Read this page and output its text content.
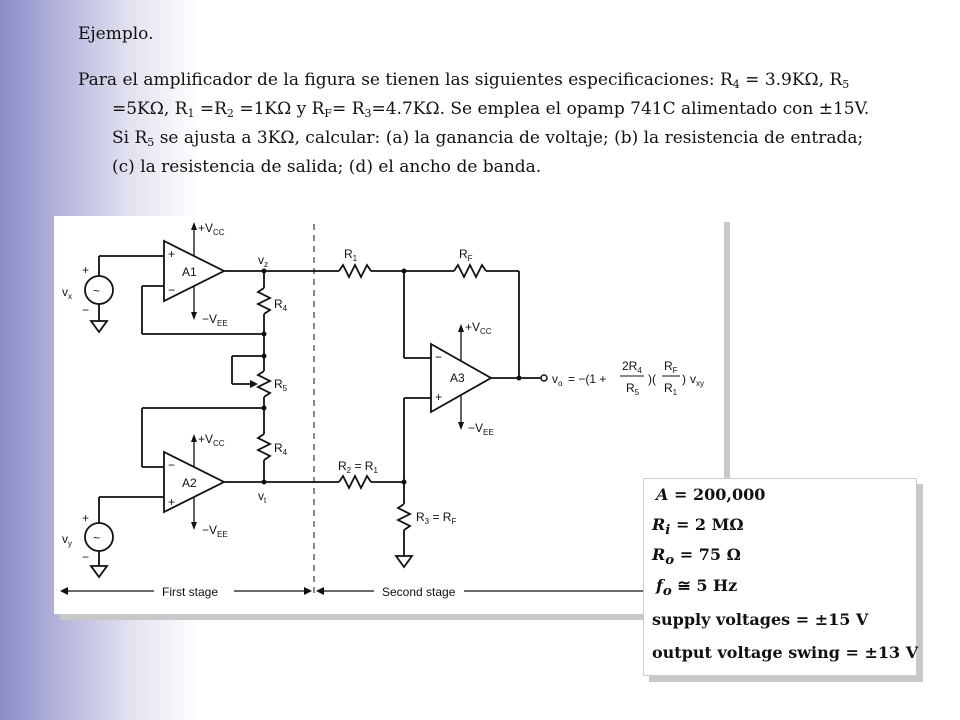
Ejemplo.
Para el amplificador de la figura se tienen las siguientes especificaciones: $R_4 = 3.9K\Omega$, $R_5 =5K\Omega$, $R_1 =R_2 =1K\Omega$ y $R_F= R_3=4.7K\Omega$. Se emplea el opamp 741C alimentado con ±15V. Si $R_5$ se ajusta a 3KΩ, calcular: (a) la ganancia de voltaje; (b) la resistencia de entrada; (c) la resistencia de salida; (d) el ancho de banda.
A1
+
−
$+V_{CC}$
$-V_{EE}$
~
+
−
$v_x$
$v_z$
$R_4$
$R_5$
$R_4$
A2
−
+
$+V_{CC}$
$-V_{EE}$
~
+
−
$v_y$
$v_t$
$R_1$	$R_F$
A3
−
+
$+V_{CC}$
$-V_{EE}$
$v_o = -(1$ +
$2R_4$
$R_5$
)(
$R_F$
$R_1$
) $v_{xy}$
$R_2 = R_1$
$R_3 = R_F$
First stage	Second stage
A = 200,000
$R_i = 2$ MΩ
$R_o = 75$ Ω
$f_o$ ≅ 5 Hz
supply voltages = ±15 V
output voltage swing = ±13 V
